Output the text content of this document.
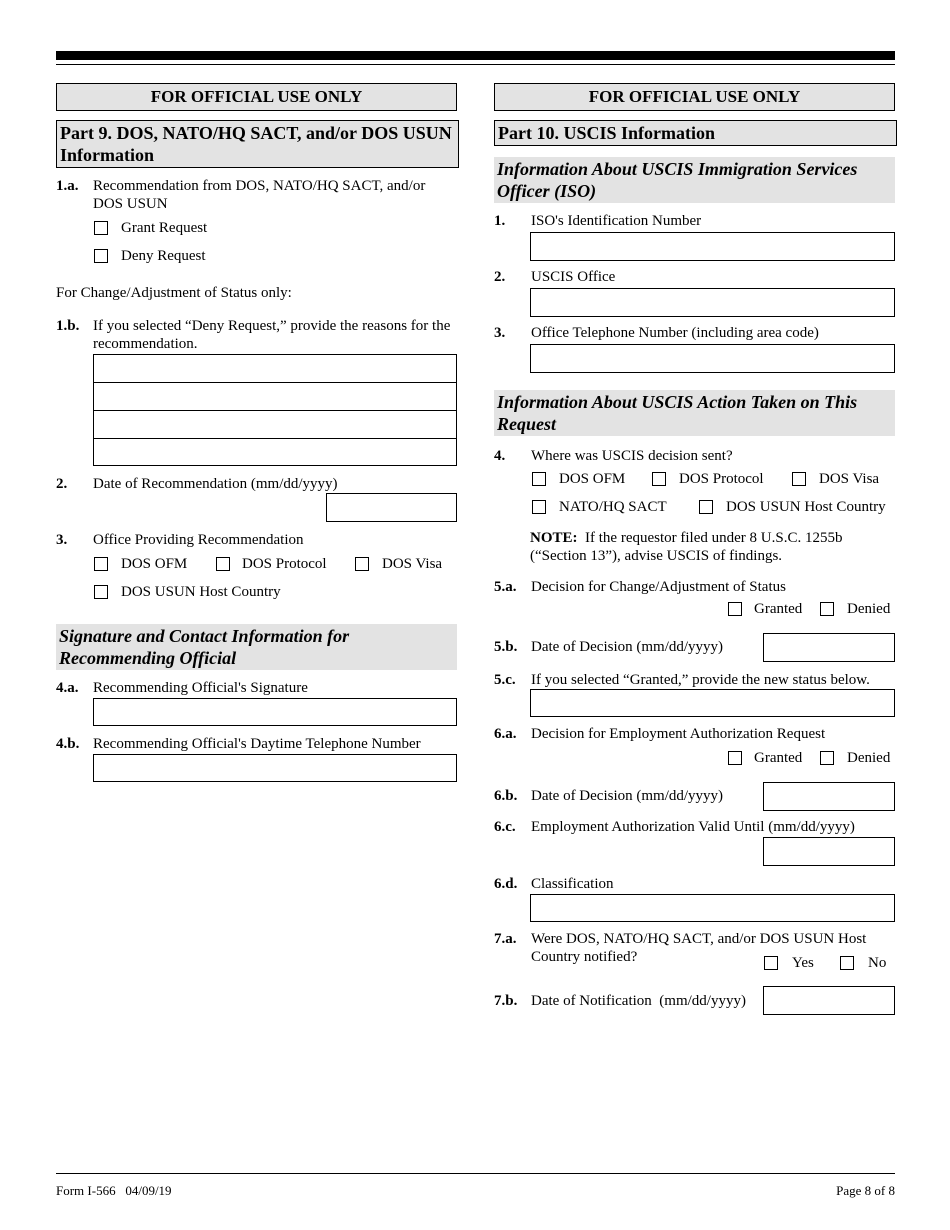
FOR OFFICIAL USE ONLY
Part 9. DOS, NATO/HQ SACT, and/or DOS USUN Information
1.a. Recommendation from DOS, NATO/HQ SACT, and/or DOS USUN
Grant Request
Deny Request
For Change/Adjustment of Status only:
1.b. If you selected “Deny Request,” provide the reasons for the recommendation.
2. Date of Recommendation (mm/dd/yyyy)
3. Office Providing Recommendation
DOS OFM	DOS Protocol	DOS Visa
DOS USUN Host Country
Signature and Contact Information for Recommending Official
4.a. Recommending Official's Signature
4.b. Recommending Official's Daytime Telephone Number
FOR OFFICIAL USE ONLY
Part 10. USCIS Information
Information About USCIS Immigration Services Officer (ISO)
1. ISO's Identification Number
2. USCIS Office
3. Office Telephone Number (including area code)
Information About USCIS Action Taken on This Request
4. Where was USCIS decision sent?
DOS OFM	DOS Protocol	DOS Visa
NATO/HQ SACT	DOS USUN Host Country
NOTE: If the requestor filed under 8 U.S.C. 1255b (“Section 13”), advise USCIS of findings.
5.a. Decision for Change/Adjustment of Status
Granted	Denied
5.b. Date of Decision (mm/dd/yyyy)
5.c. If you selected “Granted,” provide the new status below.
6.a. Decision for Employment Authorization Request
Granted	Denied
6.b. Date of Decision (mm/dd/yyyy)
6.c. Employment Authorization Valid Until (mm/dd/yyyy)
6.d. Classification
7.a. Were DOS, NATO/HQ SACT, and/or DOS USUN Host Country notified?	Yes	No
7.b. Date of Notification  (mm/dd/yyyy)
Form I-566   04/09/19	Page 8 of 8
